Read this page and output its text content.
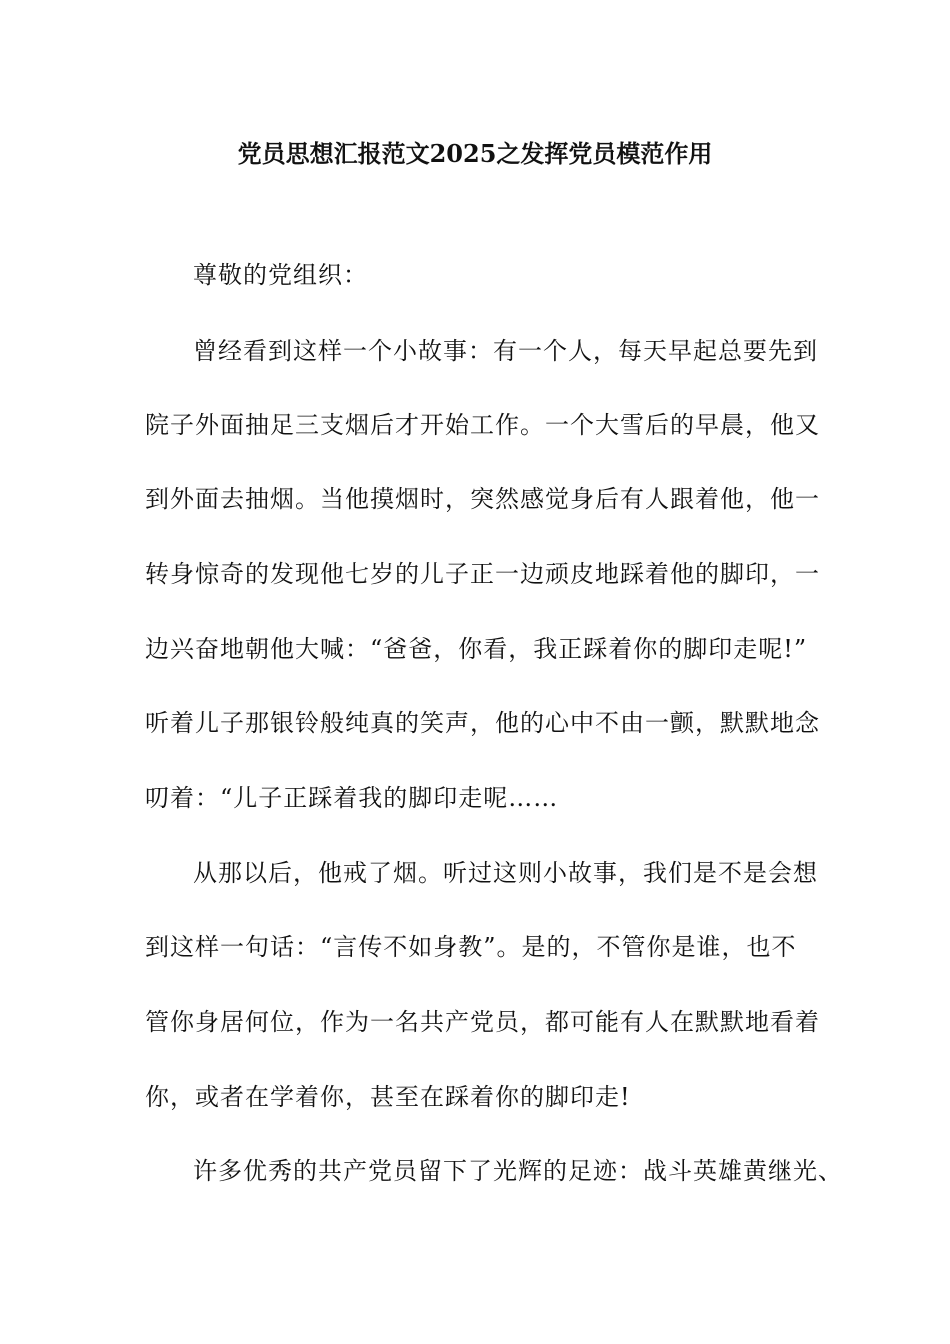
党员思想汇报范文2025之发挥党员模范作用

尊敬的党组织：

曾经看到这样一个小故事：有一个人，每天早起总要先到

院子外面抽足三支烟后才开始工作。一个大雪后的早晨，他又

到外面去抽烟。当他摸烟时，突然感觉身后有人跟着他，他一

转身惊奇的发现他七岁的儿子正一边顽皮地踩着他的脚印，一

边兴奋地朝他大喊：“爸爸，你看，我正踩着你的脚印走呢!”

听着儿子那银铃般纯真的笑声，他的心中不由一颤，默默地念

叨着：“儿子正踩着我的脚印走呢……

从那以后，他戒了烟。听过这则小故事，我们是不是会想

到这样一句话：“言传不如身教”。是的，不管你是谁，也不

管你身居何位，作为一名共产党员，都可能有人在默默地看着

你，或者在学着你，甚至在踩着你的脚印走!

许多优秀的共产党员留下了光辉的足迹：战斗英雄黄继光、
